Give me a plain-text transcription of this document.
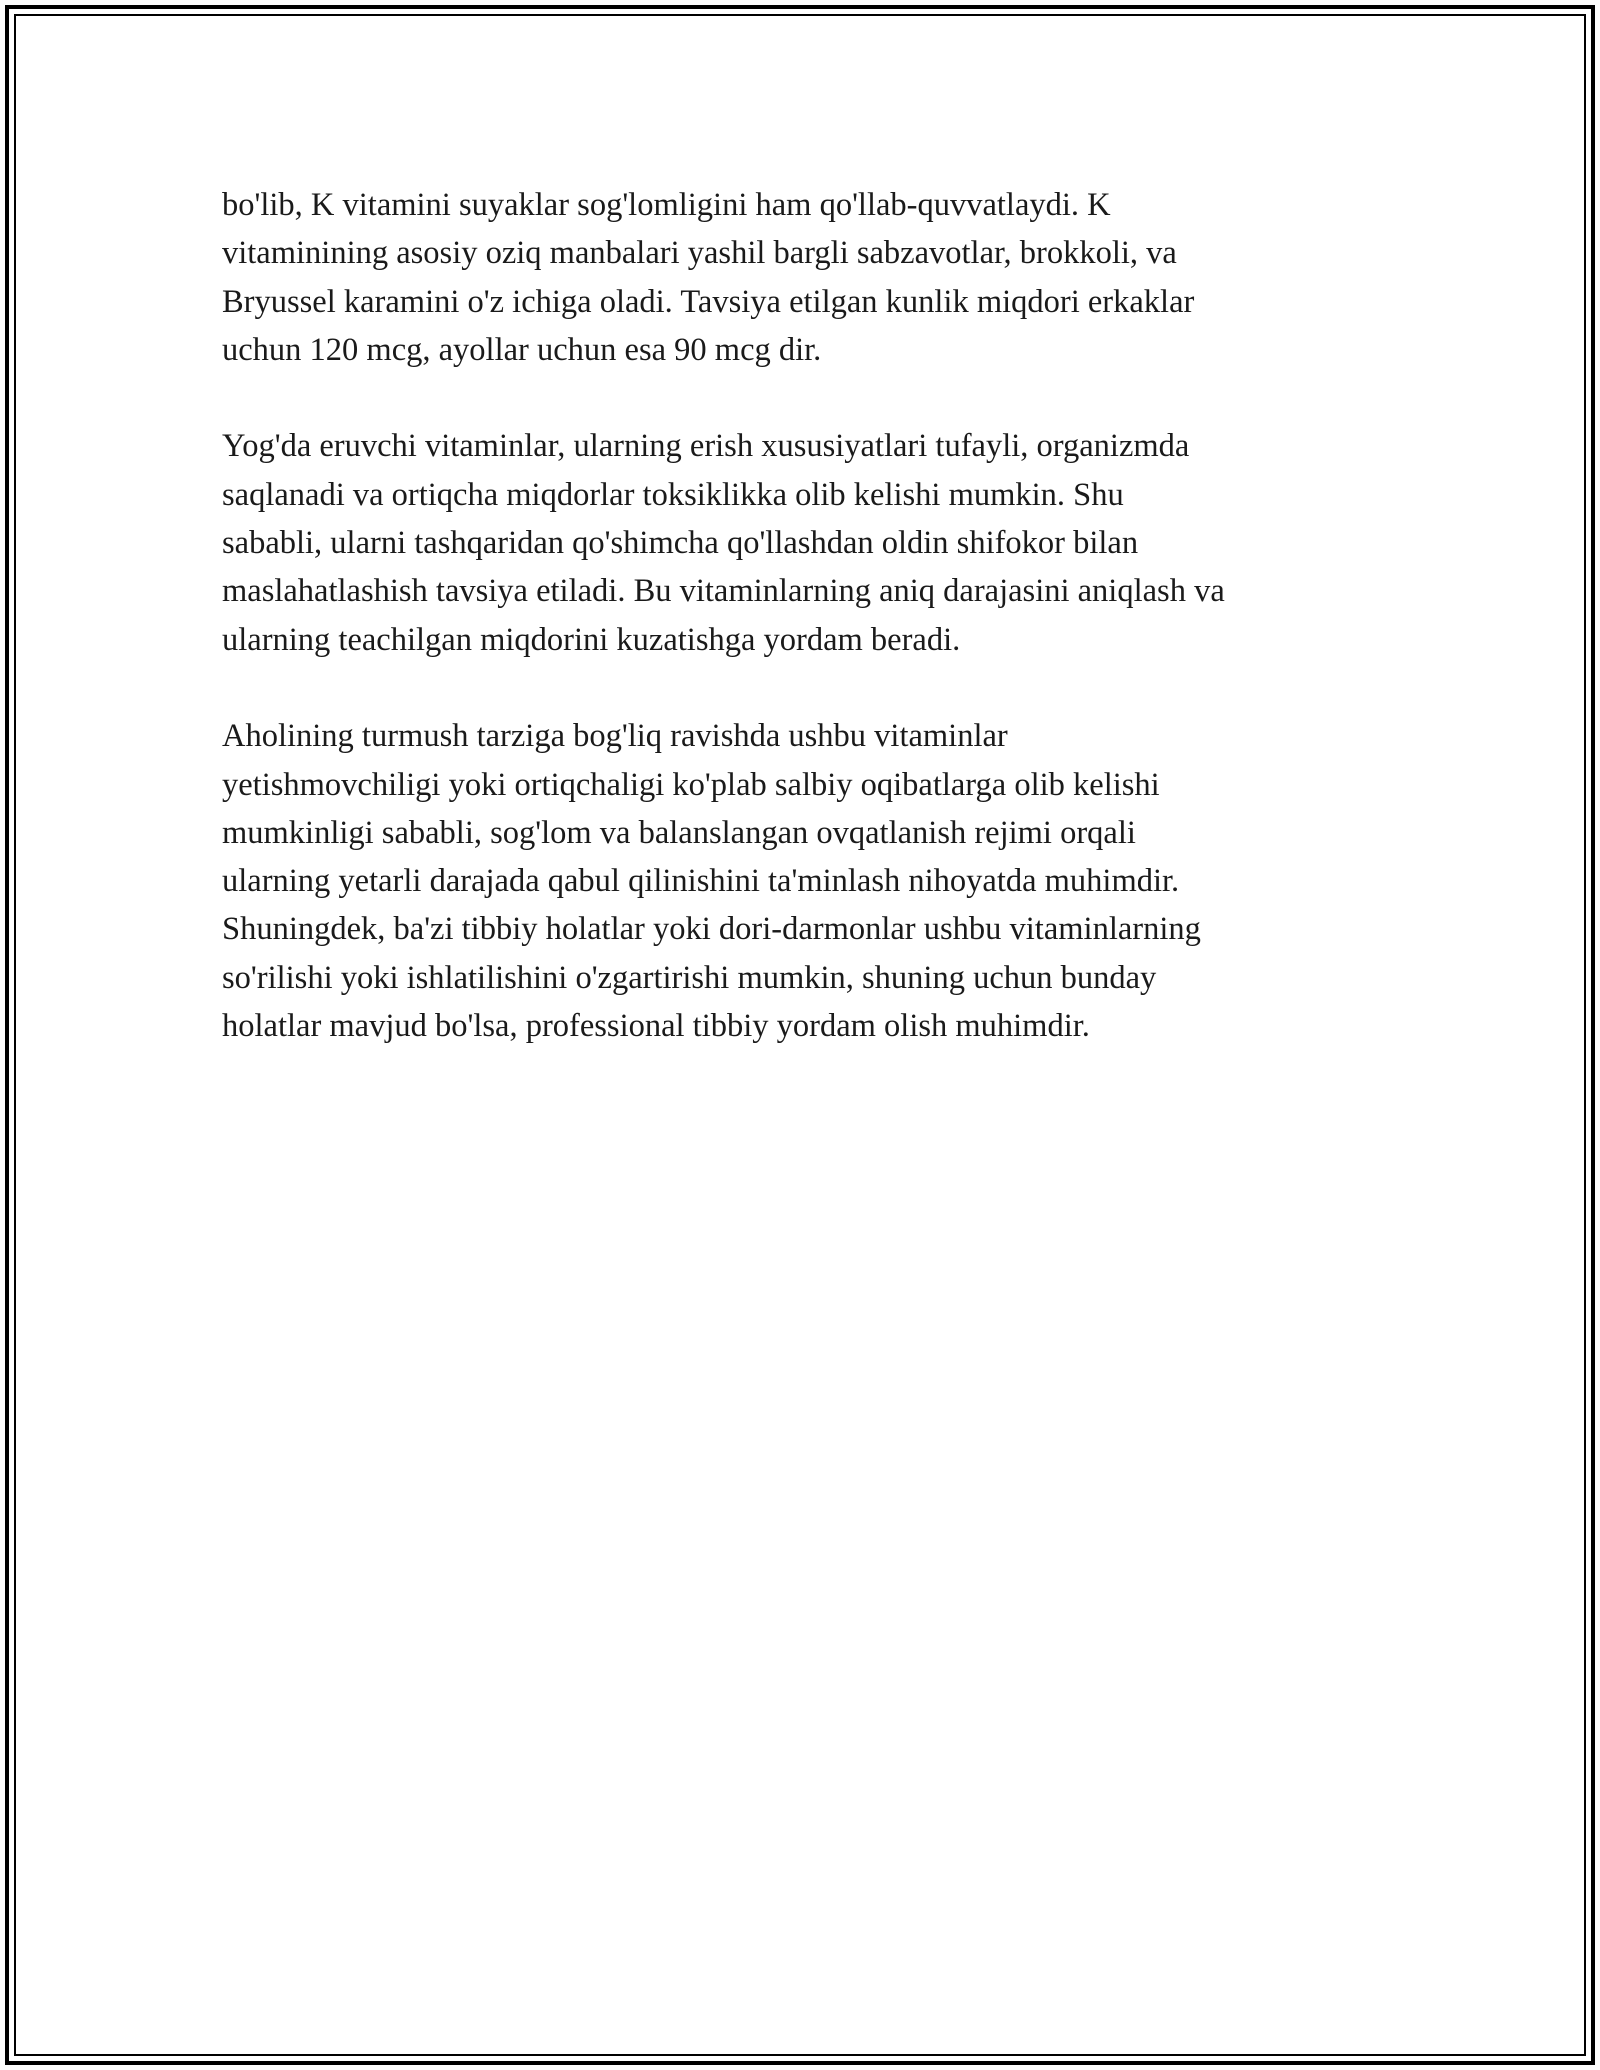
bo'lib, K vitamini suyaklar sog'lomligini ham qo'llab-quvvatlaydi. K
vitaminining asosiy oziq manbalari yashil bargli sabzavotlar, brokkoli, va
Bryussel karamini o'z ichiga oladi. Tavsiya etilgan kunlik miqdori erkaklar
uchun 120 mcg, ayollar uchun esa 90 mcg dir.

Yog'da eruvchi vitaminlar, ularning erish xususiyatlari tufayli, organizmda
saqlanadi va ortiqcha miqdorlar toksiklikka olib kelishi mumkin. Shu
sababli, ularni tashqaridan qo'shimcha qo'llashdan oldin shifokor bilan
maslahatlashish tavsiya etiladi. Bu vitaminlarning aniq darajasini aniqlash va
ularning teachilgan miqdorini kuzatishga yordam beradi.

Aholining turmush tarziga bog'liq ravishda ushbu vitaminlar
yetishmovchiligi yoki ortiqchaligi ko'plab salbiy oqibatlarga olib kelishi
mumkinligi sababli, sog'lom va balanslangan ovqatlanish rejimi orqali
ularning yetarli darajada qabul qilinishini ta'minlash nihoyatda muhimdir.
Shuningdek, ba'zi tibbiy holatlar yoki dori-darmonlar ushbu vitaminlarning
so'rilishi yoki ishlatilishini o'zgartirishi mumkin, shuning uchun bunday
holatlar mavjud bo'lsa, professional tibbiy yordam olish muhimdir.
